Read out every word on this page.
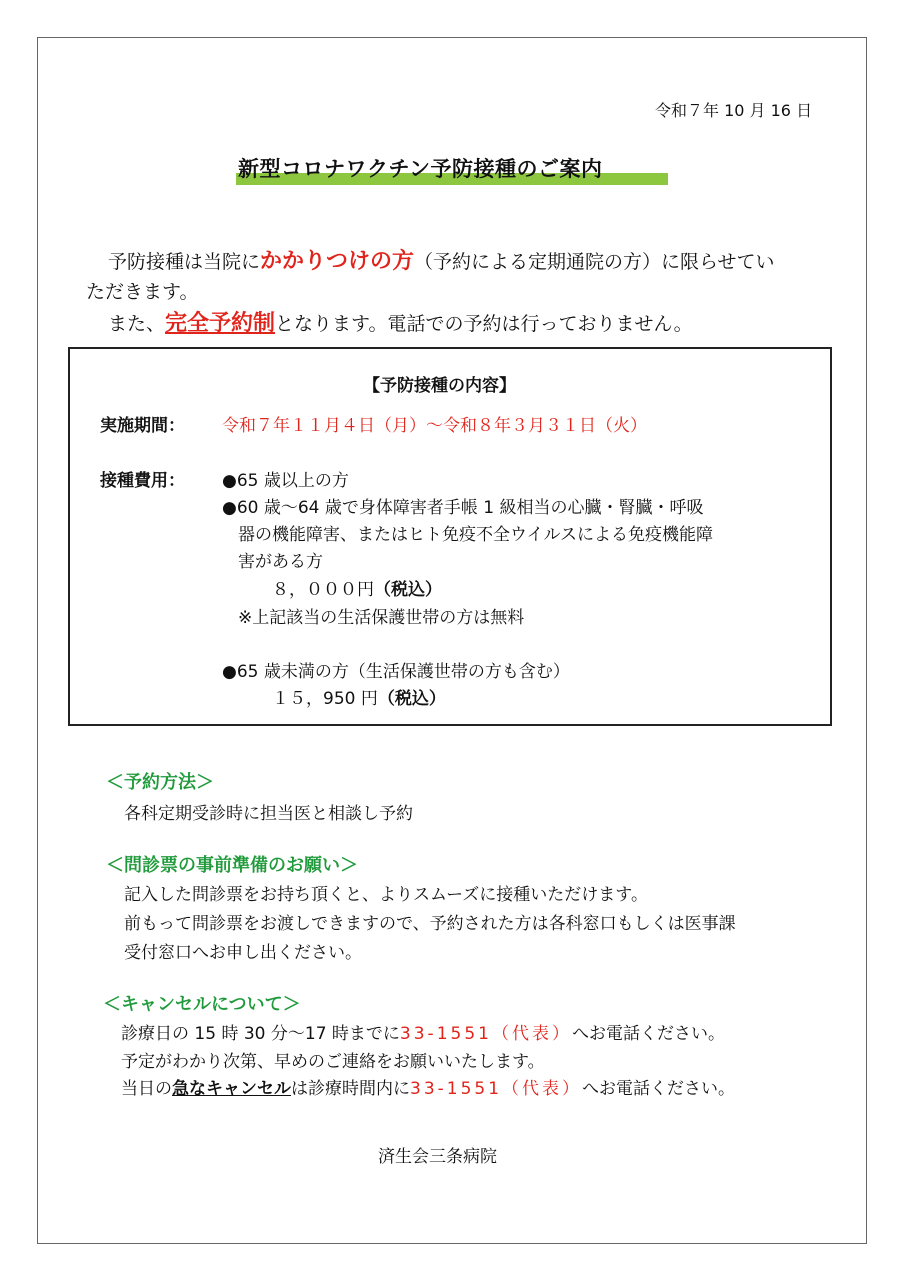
令和７年 10 月 16 日
新型コロナワクチン予防接種のご案内
予防接種は当院にかかりつけの方（予約による定期通院の方）に限らせてい
ただきます。
また、完全予約制となります。電話での予約は行っておりません。
【予防接種の内容】
実施期間： 令和７年１１月４日（月）～令和８年３月３１日（火）
接種費用： ●65 歳以上の方
●60 歳～64 歳で身体障害者手帳 1 級相当の心臓・腎臓・呼吸
器の機能障害、またはヒト免疫不全ウイルスによる免疫機能障
害がある方
８，０００円（税込）
※上記該当の生活保護世帯の方は無料
●65 歳未満の方（生活保護世帯の方も含む）
１５，950 円（税込）
＜予約方法＞
各科定期受診時に担当医と相談し予約
＜問診票の事前準備のお願い＞
記入した問診票をお持ち頂くと、よりスムーズに接種いただけます。
前もって問診票をお渡しできますので、予約された方は各科窓口もしくは医事課
受付窓口へお申し出ください。
＜キャンセルについて＞
診療日の 15 時 30 分～17 時までに33-1551（代表）へお電話ください。
予定がわかり次第、早めのご連絡をお願いいたします。
当日の急なキャンセルは診療時間内に33-1551（代表）へお電話ください。
済生会三条病院
